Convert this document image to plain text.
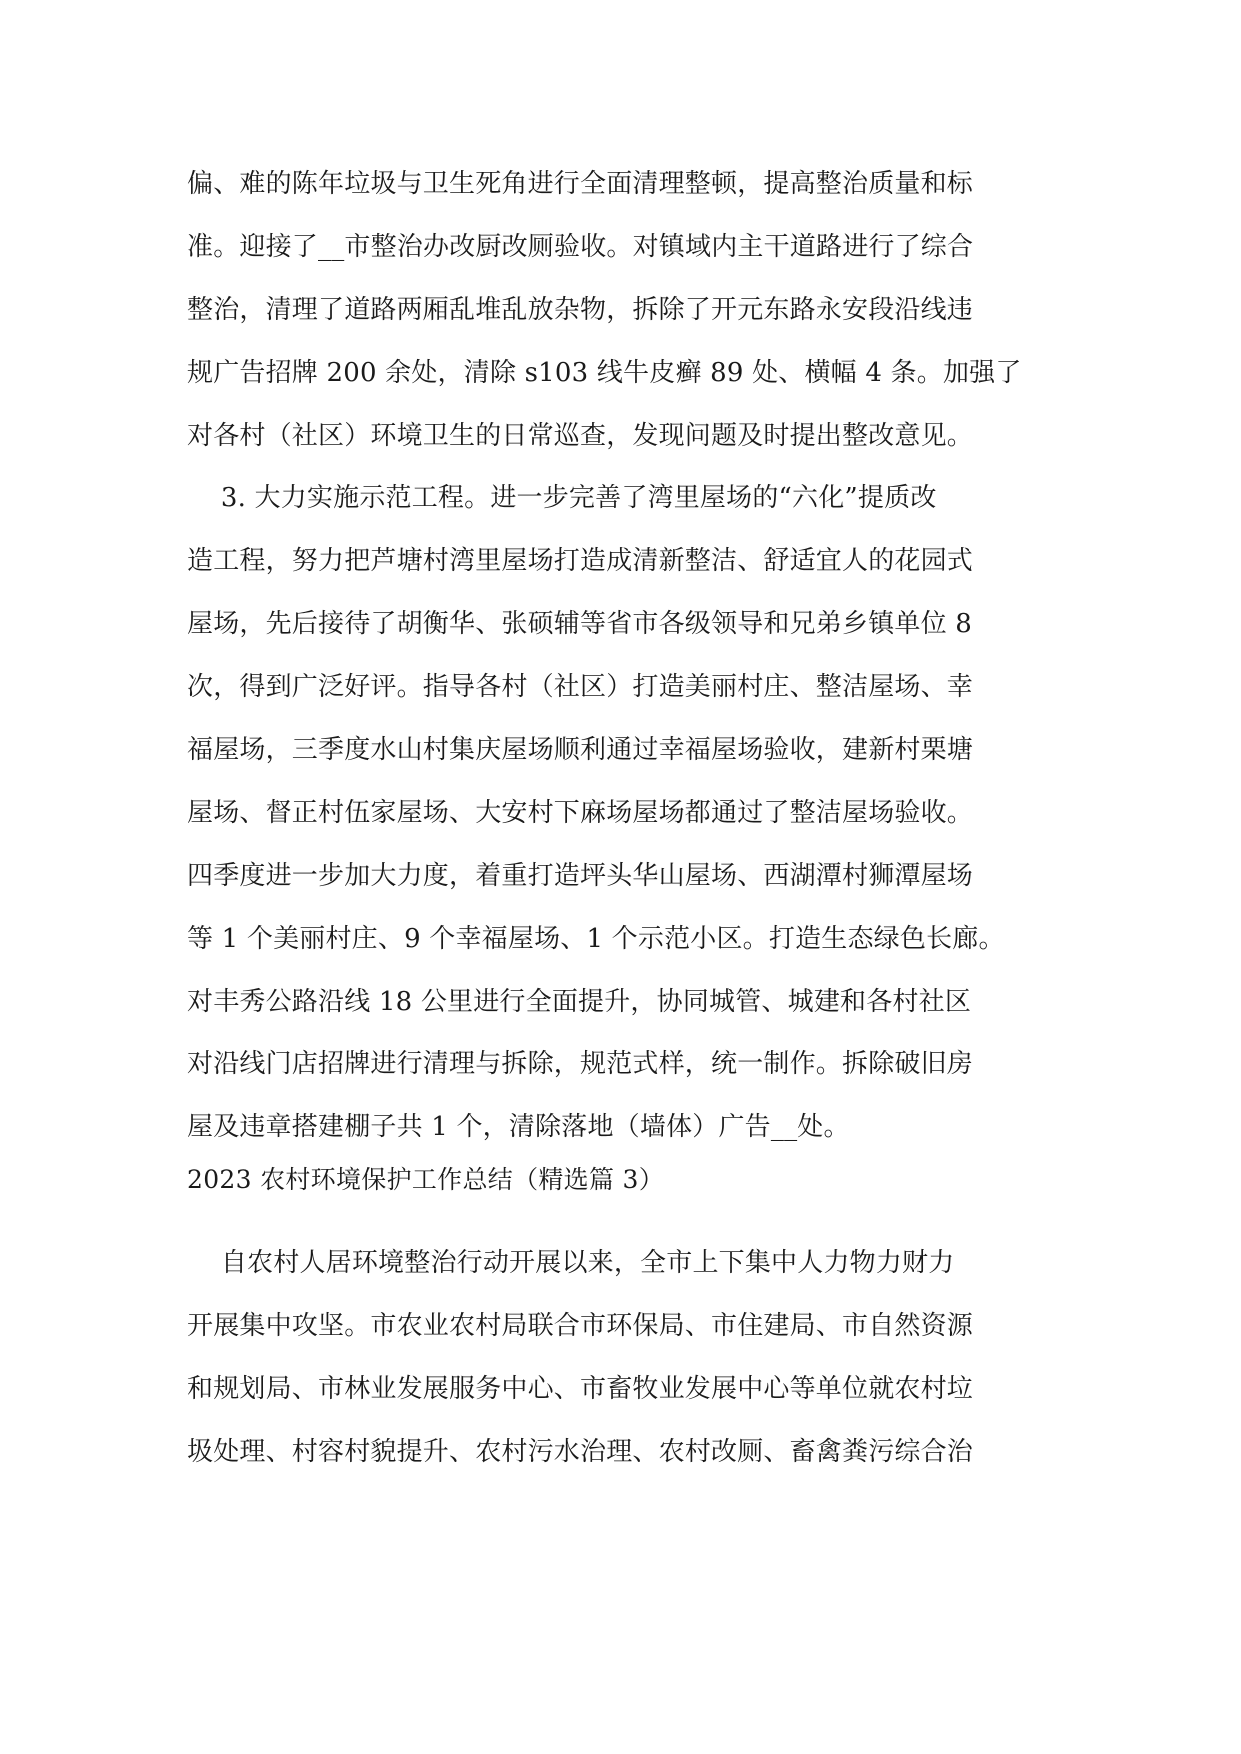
偏、难的陈年垃圾与卫生死角进行全面清理整顿，提高整治质量和标
准。迎接了__市整治办改厨改厕验收。对镇域内主干道路进行了综合
整治，清理了道路两厢乱堆乱放杂物，拆除了开元东路永安段沿线违
规广告招牌 200 余处，清除 s103 线牛皮癣 89 处、横幅 4 条。加强了
对各村（社区）环境卫生的日常巡查，发现问题及时提出整改意见。
3. 大力实施示范工程。进一步完善了湾里屋场的“六化”提质改
造工程，努力把芦塘村湾里屋场打造成清新整洁、舒适宜人的花园式
屋场，先后接待了胡衡华、张硕辅等省市各级领导和兄弟乡镇单位 8
次，得到广泛好评。指导各村（社区）打造美丽村庄、整洁屋场、幸
福屋场，三季度水山村集庆屋场顺利通过幸福屋场验收，建新村栗塘
屋场、督正村伍家屋场、大安村下麻场屋场都通过了整洁屋场验收。
四季度进一步加大力度，着重打造坪头华山屋场、西湖潭村狮潭屋场
等 1 个美丽村庄、9 个幸福屋场、1 个示范小区。打造生态绿色长廊。
对丰秀公路沿线 18 公里进行全面提升，协同城管、城建和各村社区
对沿线门店招牌进行清理与拆除，规范式样，统一制作。拆除破旧房
屋及违章搭建棚子共 1 个，清除落地（墙体）广告__处。
2023 农村环境保护工作总结（精选篇 3）
自农村人居环境整治行动开展以来，全市上下集中人力物力财力
开展集中攻坚。市农业农村局联合市环保局、市住建局、市自然资源
和规划局、市林业发展服务中心、市畜牧业发展中心等单位就农村垃
圾处理、村容村貌提升、农村污水治理、农村改厕、畜禽粪污综合治
